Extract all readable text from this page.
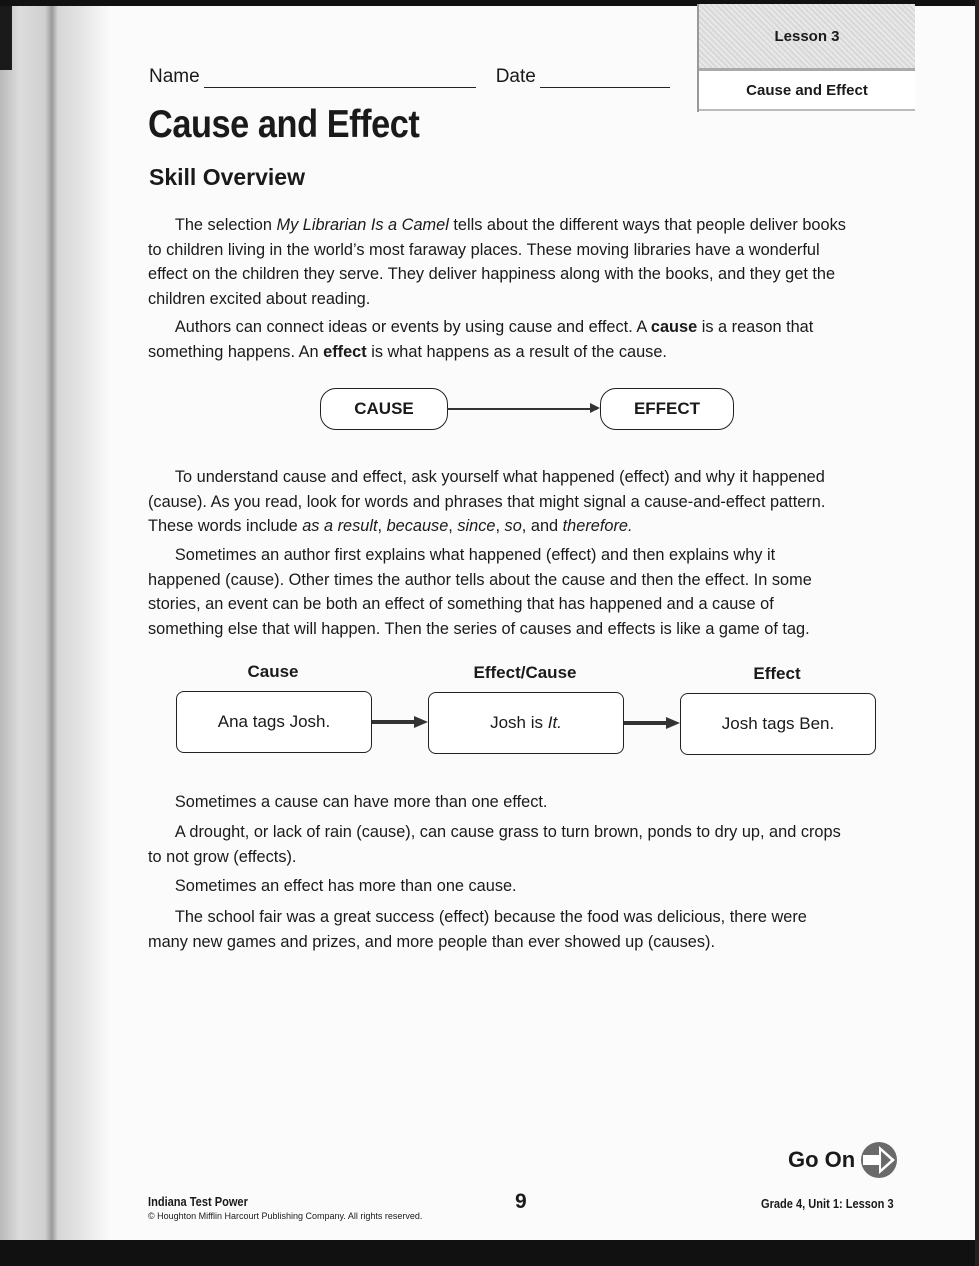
Lesson 3
Cause and Effect
Name	Date
Cause and Effect
Skill Overview
The selection My Librarian Is a Camel tells about the different ways that people deliver books to children living in the world’s most faraway places. These moving libraries have a wonderful effect on the children they serve. They deliver happiness along with the books, and they get the children excited about reading.
Authors can connect ideas or events by using cause and effect. A cause is a reason that something happens. An effect is what happens as a result of the cause.
CAUSE	EFFECT
To understand cause and effect, ask yourself what happened (effect) and why it happened (cause). As you read, look for words and phrases that might signal a cause-and-effect pattern. These words include as a result, because, since, so, and therefore.
Sometimes an author first explains what happened (effect) and then explains why it happened (cause). Other times the author tells about the cause and then the effect. In some stories, an event can be both an effect of something that has happened and a cause of something else that will happen. Then the series of causes and effects is like a game of tag.
Cause	Effect/Cause	Effect
Ana tags Josh.	Josh is It.	Josh tags Ben.
Sometimes a cause can have more than one effect.
A drought, or lack of rain (cause), can cause grass to turn brown, ponds to dry up, and crops to not grow (effects).
Sometimes an effect has more than one cause.
The school fair was a great success (effect) because the food was delicious, there were many new games and prizes, and more people than ever showed up (causes).
Go On
Indiana Test Power
© Houghton Mifflin Harcourt Publishing Company. All rights reserved.
9	Grade 4, Unit 1: Lesson 3
